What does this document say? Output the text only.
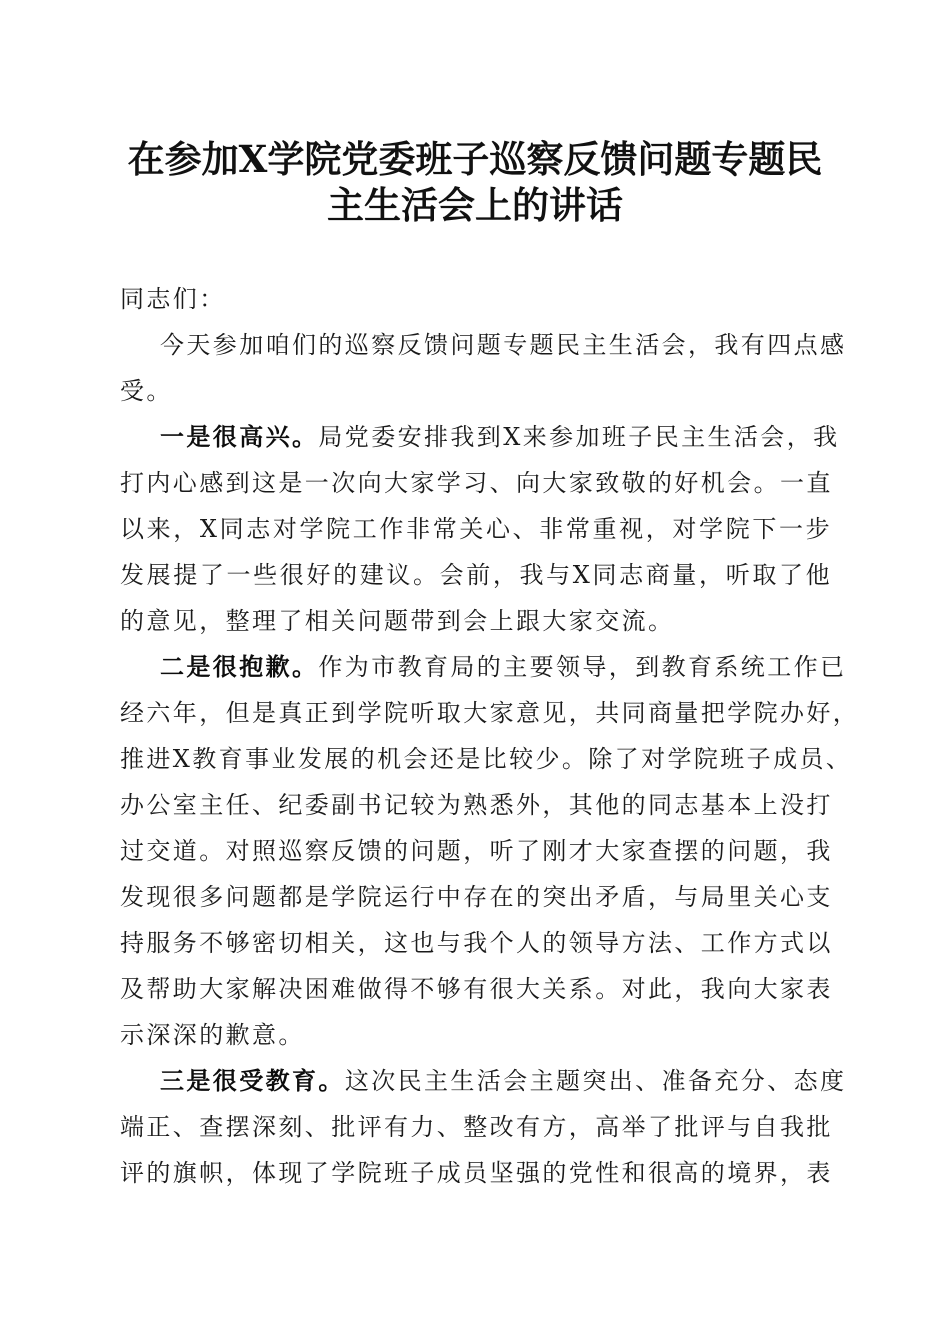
在参加X学院党委班子巡察反馈问题专题民
主生活会上的讲话
同志们：
今天参加咱们的巡察反馈问题专题民主生活会，我有四点感
受。
一是很高兴。局党委安排我到X来参加班子民主生活会，我
打内心感到这是一次向大家学习、向大家致敬的好机会。一直
以来，X同志对学院工作非常关心、非常重视，对学院下一步
发展提了一些很好的建议。会前，我与X同志商量，听取了他
的意见，整理了相关问题带到会上跟大家交流。
二是很抱歉。作为市教育局的主要领导，到教育系统工作已
经六年，但是真正到学院听取大家意见，共同商量把学院办好，
推进X教育事业发展的机会还是比较少。除了对学院班子成员、
办公室主任、纪委副书记较为熟悉外，其他的同志基本上没打
过交道。对照巡察反馈的问题，听了刚才大家查摆的问题，我
发现很多问题都是学院运行中存在的突出矛盾，与局里关心支
持服务不够密切相关，这也与我个人的领导方法、工作方式以
及帮助大家解决困难做得不够有很大关系。对此，我向大家表
示深深的歉意。
三是很受教育。这次民主生活会主题突出、准备充分、态度
端正、查摆深刻、批评有力、整改有方，高举了批评与自我批
评的旗帜，体现了学院班子成员坚强的党性和很高的境界，表
